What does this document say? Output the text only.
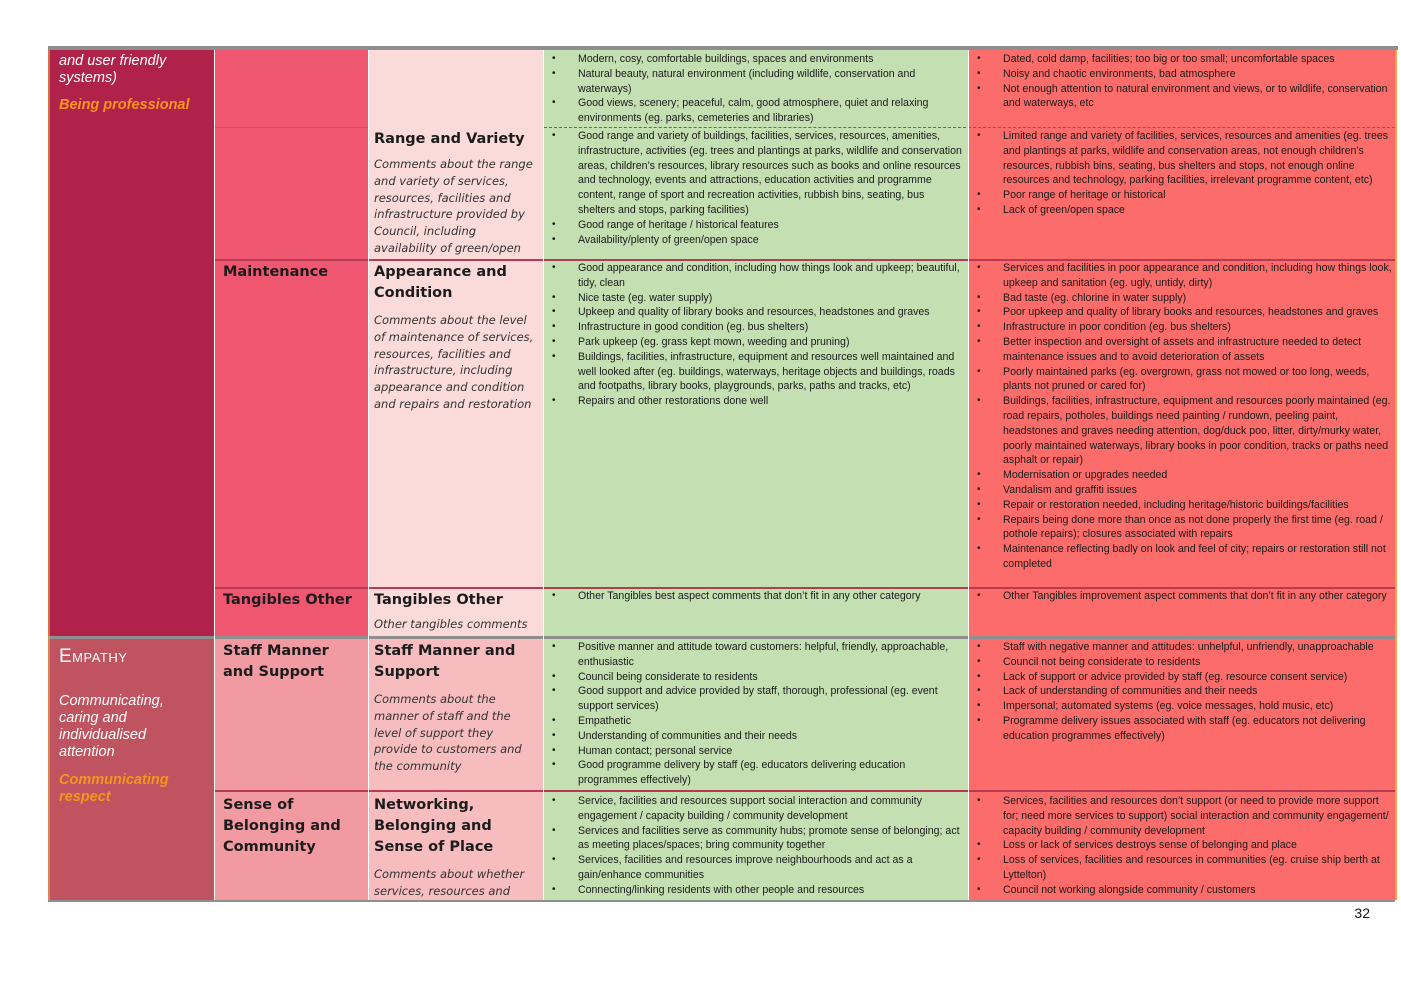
and user friendly systems)
Being professional
Empathy
Communicating, caring and individualised attention
Communicating respect
Maintenance
Tangibles Other
Staff Manner and Support
Sense of Belonging and Community
Range and Variety
Comments about the range and variety of services, resources, facilities and infrastructure provided by Council, including availability of green/open
Appearance and Condition
Comments about the level of maintenance of services, resources, facilities and infrastructure, including appearance and condition and repairs and restoration
Tangibles Other
Other tangibles comments
Staff Manner and Support
Comments about the manner of staff and the level of support they provide to customers and the community
Networking, Belonging and Sense of Place
Comments about whether services, resources and
• Modern, cosy, comfortable buildings, spaces and environments
• Natural beauty, natural environment (including wildlife, conservation and waterways)
• Good views, scenery; peaceful, calm, good atmosphere, quiet and relaxing environments (eg. parks, cemeteries and libraries)
• Good range and variety of buildings, facilities, services, resources, amenities, infrastructure, activities (eg. trees and plantings at parks, wildlife and conservation areas, children’s resources, library resources such as books and online resources and technology, events and attractions, education activities and programme content, range of sport and recreation activities, rubbish bins, seating, bus shelters and stops, parking facilities)
• Good range of heritage / historical features
• Availability/plenty of green/open space
• Good appearance and condition, including how things look and upkeep; beautiful, tidy, clean
• Nice taste (eg. water supply)
• Upkeep and quality of library books and resources, headstones and graves
• Infrastructure in good condition (eg. bus shelters)
• Park upkeep (eg. grass kept mown, weeding and pruning)
• Buildings, facilities, infrastructure, equipment and resources well maintained and well looked after (eg. buildings, waterways, heritage objects and buildings, roads and footpaths, library books, playgrounds, parks, paths and tracks, etc)
• Repairs and other restorations done well
• Other Tangibles best aspect comments that don’t fit in any other category
• Positive manner and attitude toward customers: helpful, friendly, approachable, enthusiastic
• Council being considerate to residents
• Good support and advice provided by staff, thorough, professional (eg. event support services)
• Empathetic
• Understanding of communities and their needs
• Human contact; personal service
• Good programme delivery by staff (eg. educators delivering education programmes effectively)
• Service, facilities and resources support social interaction and community engagement / capacity building / community development
• Services and facilities serve as community hubs; promote sense of belonging; act as meeting places/spaces; bring community together
• Services, facilities and resources improve neighbourhoods and act as a gain/enhance communities
• Connecting/linking residents with other people and resources
• Dated, cold damp, facilities; too big or too small; uncomfortable spaces
• Noisy and chaotic environments, bad atmosphere
• Not enough attention to natural environment and views, or to wildlife, conservation and waterways, etc
• Limited range and variety of facilities, services, resources and amenities (eg. trees and plantings at parks, wildlife and conservation areas, not enough children’s resources, rubbish bins, seating, bus shelters and stops, not enough online resources and technology, parking facilities, irrelevant programme content, etc)
• Poor range of heritage or historical
• Lack of green/open space
• Services and facilities in poor appearance and condition, including how things look, upkeep and sanitation (eg. ugly, untidy, dirty)
• Bad taste (eg. chlorine in water supply)
• Poor upkeep and quality of library books and resources, headstones and graves
• Infrastructure in poor condition (eg. bus shelters)
• Better inspection and oversight of assets and infrastructure needed to detect maintenance issues and to avoid deterioration of assets
• Poorly maintained parks (eg. overgrown, grass not mowed or too long, weeds, plants not pruned or cared for)
• Buildings, facilities, infrastructure, equipment and resources poorly maintained (eg. road repairs, potholes, buildings need painting / rundown, peeling paint, headstones and graves needing attention, dog/duck poo, litter, dirty/murky water, poorly maintained waterways, library books in poor condition, tracks or paths need asphalt or repair)
• Modernisation or upgrades needed
• Vandalism and graffiti issues
• Repair or restoration needed, including heritage/historic buildings/facilities
• Repairs being done more than once as not done properly the first time (eg. road / pothole repairs); closures associated with repairs
• Maintenance reflecting badly on look and feel of city; repairs or restoration still not completed
• Other Tangibles improvement aspect comments that don’t fit in any other category
• Staff with negative manner and attitudes: unhelpful, unfriendly, unapproachable
• Council not being considerate to residents
• Lack of support or advice provided by staff (eg. resource consent service)
• Lack of understanding of communities and their needs
• Impersonal; automated systems (eg. voice messages, hold music, etc)
• Programme delivery issues associated with staff (eg. educators not delivering education programmes effectively)
• Services, facilities and resources don’t support (or need to provide more support for; need more services to support) social interaction and community engagement/ capacity building / community development
• Loss or lack of services destroys sense of belonging and place
• Loss of services, facilities and resources in communities (eg. cruise ship berth at Lyttelton)
• Council not working alongside community / customers
32
